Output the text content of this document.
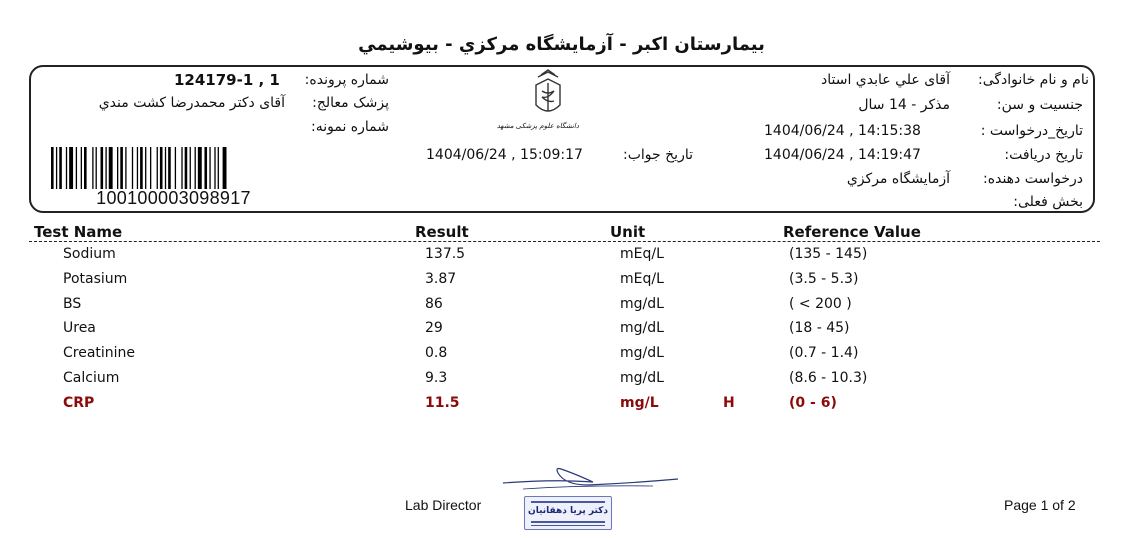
بيمارستان اکبر - آزمايشگاه مرکزي - بيوشيمي
نام و نام خانوادگی:
آقای علي عابدي استاد
جنسیت و سن:
مذکر - 14 سال
تاریخ_درخواست :
1404/06/24 , 14:15:38
تاریخ دریافت:
1404/06/24 , 14:19:47
درخواست دهنده:
آزمایشگاه مرکزي
بخش فعلی:
تاریخ جواب:
1404/06/24 , 15:09:17
دانشگاه علوم پزشکی مشهد
شماره پرونده:
124179-1 , 1
پزشک معالج:
آقای دکتر محمدرضا کشت مندي
شماره نمونه:
100100003098917
Test Name	Result	Unit	Reference Value
Sodium	137.5	mEq/L	(135 - 145)
Potasium	3.87	mEq/L	(3.5 - 5.3)
BS	86	mg/dL	( < 200 )
Urea	29	mg/dL	(18 - 45)
Creatinine	0.8	mg/dL	(0.7 - 1.4)
Calcium	9.3	mg/dL	(8.6 - 10.3)
CRP	11.5	mg/L	H	(0 - 6)
Lab Director	دکتر پریا دهقانیان	Page 1 of 2
